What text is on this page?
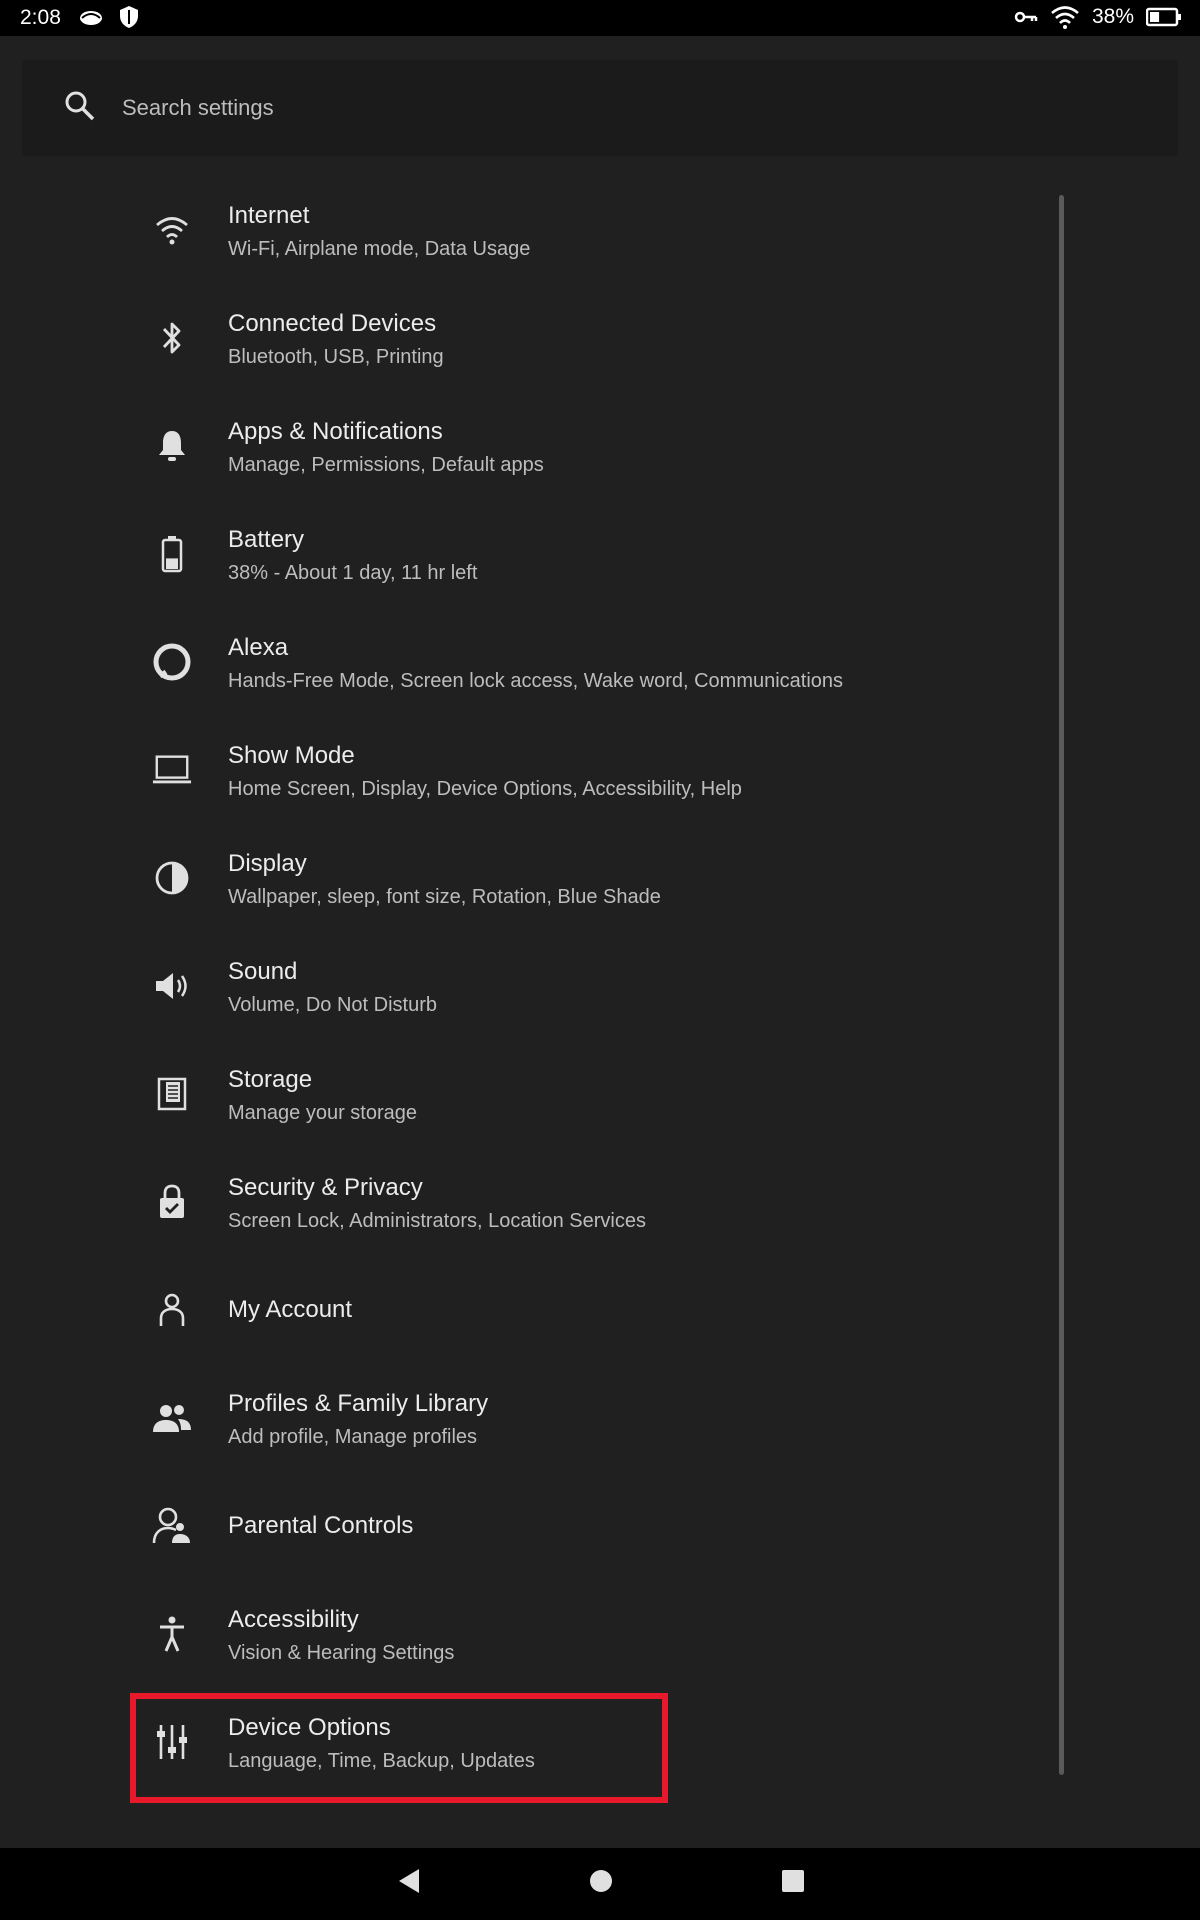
2:08	38%
Search settings
Internet
Wi-Fi, Airplane mode, Data Usage
Connected Devices
Bluetooth, USB, Printing
Apps & Notifications
Manage, Permissions, Default apps
Battery
38% - About 1 day, 11 hr left
Alexa
Hands-Free Mode, Screen lock access, Wake word, Communications
Show Mode
Home Screen, Display, Device Options, Accessibility, Help
Display
Wallpaper, sleep, font size, Rotation, Blue Shade
Sound
Volume, Do Not Disturb
Storage
Manage your storage
Security & Privacy
Screen Lock, Administrators, Location Services
My Account
Profiles & Family Library
Add profile, Manage profiles
Parental Controls
Accessibility
Vision & Hearing Settings
Device Options
Language, Time, Backup, Updates
